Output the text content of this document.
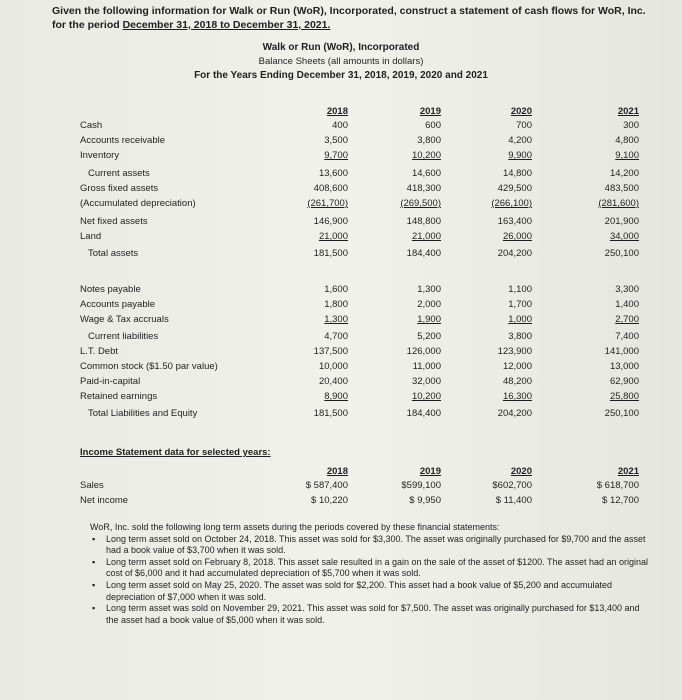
Given the following information for Walk or Run (WoR), Incorporated, construct a statement of cash flows for WoR, Inc. for the period December 31, 2018 to December 31, 2021.
Walk or Run (WoR), Incorporated
Balance Sheets (all amounts in dollars)
For the Years Ending December 31, 2018, 2019, 2020 and 2021
2018	2019	2020	2021
Cash	400	600	700	300
Accounts receivable	3,500	3,800	4,200	4,800
Inventory	9,700	10,200	9,900	9,100
Current assets	13,600	14,600	14,800	14,200
Gross fixed assets	408,600	418,300	429,500	483,500
(Accumulated depreciation)	(261,700)	(269,500)	(266,100)	(281,600)
Net fixed assets	146,900	148,800	163,400	201,900
Land	21,000	21,000	26,000	34,000
Total assets	181,500	184,400	204,200	250,100
Notes payable	1,600	1,300	1,100	3,300
Accounts payable	1,800	2,000	1,700	1,400
Wage & Tax accruals	1,300	1,900	1,000	2,700
Current liabilities	4,700	5,200	3,800	7,400
L.T. Debt	137,500	126,000	123,900	141,000
Common stock ($1.50 par value)	10,000	11,000	12,000	13,000
Paid-in-capital	20,400	32,000	48,200	62,900
Retained earnings	8,900	10,200	16,300	25,800
Total Liabilities and Equity	181,500	184,400	204,200	250,100
Income Statement data for selected years:
2018	2019	2020	2021
Sales	$ 587,400	$599,100	$602,700	$ 618,700
Net income	$ 10,220	$ 9,950	$ 11,400	$ 12,700
WoR, Inc. sold the following long term assets during the periods covered by these financial statements:
▪ Long term asset sold on October 24, 2018. This asset was sold for $3,300. The asset was originally purchased for $9,700 and the asset had a book value of $3,700 when it was sold.
▪ Long term asset sold on February 8, 2018. This asset sale resulted in a gain on the sale of the asset of $1200. The asset had an original cost of $6,000 and it had accumulated depreciation of $5,700 when it was sold.
▪ Long term asset sold on May 25, 2020. The asset was sold for $2,200. This asset had a book value of $5,200 and accumulated depreciation of $7,000 when it was sold.
▪ Long term asset was sold on November 29, 2021. This asset was sold for $7,500. The asset was originally purchased for $13,400 and the asset had a book value of $5,000 when it was sold.
